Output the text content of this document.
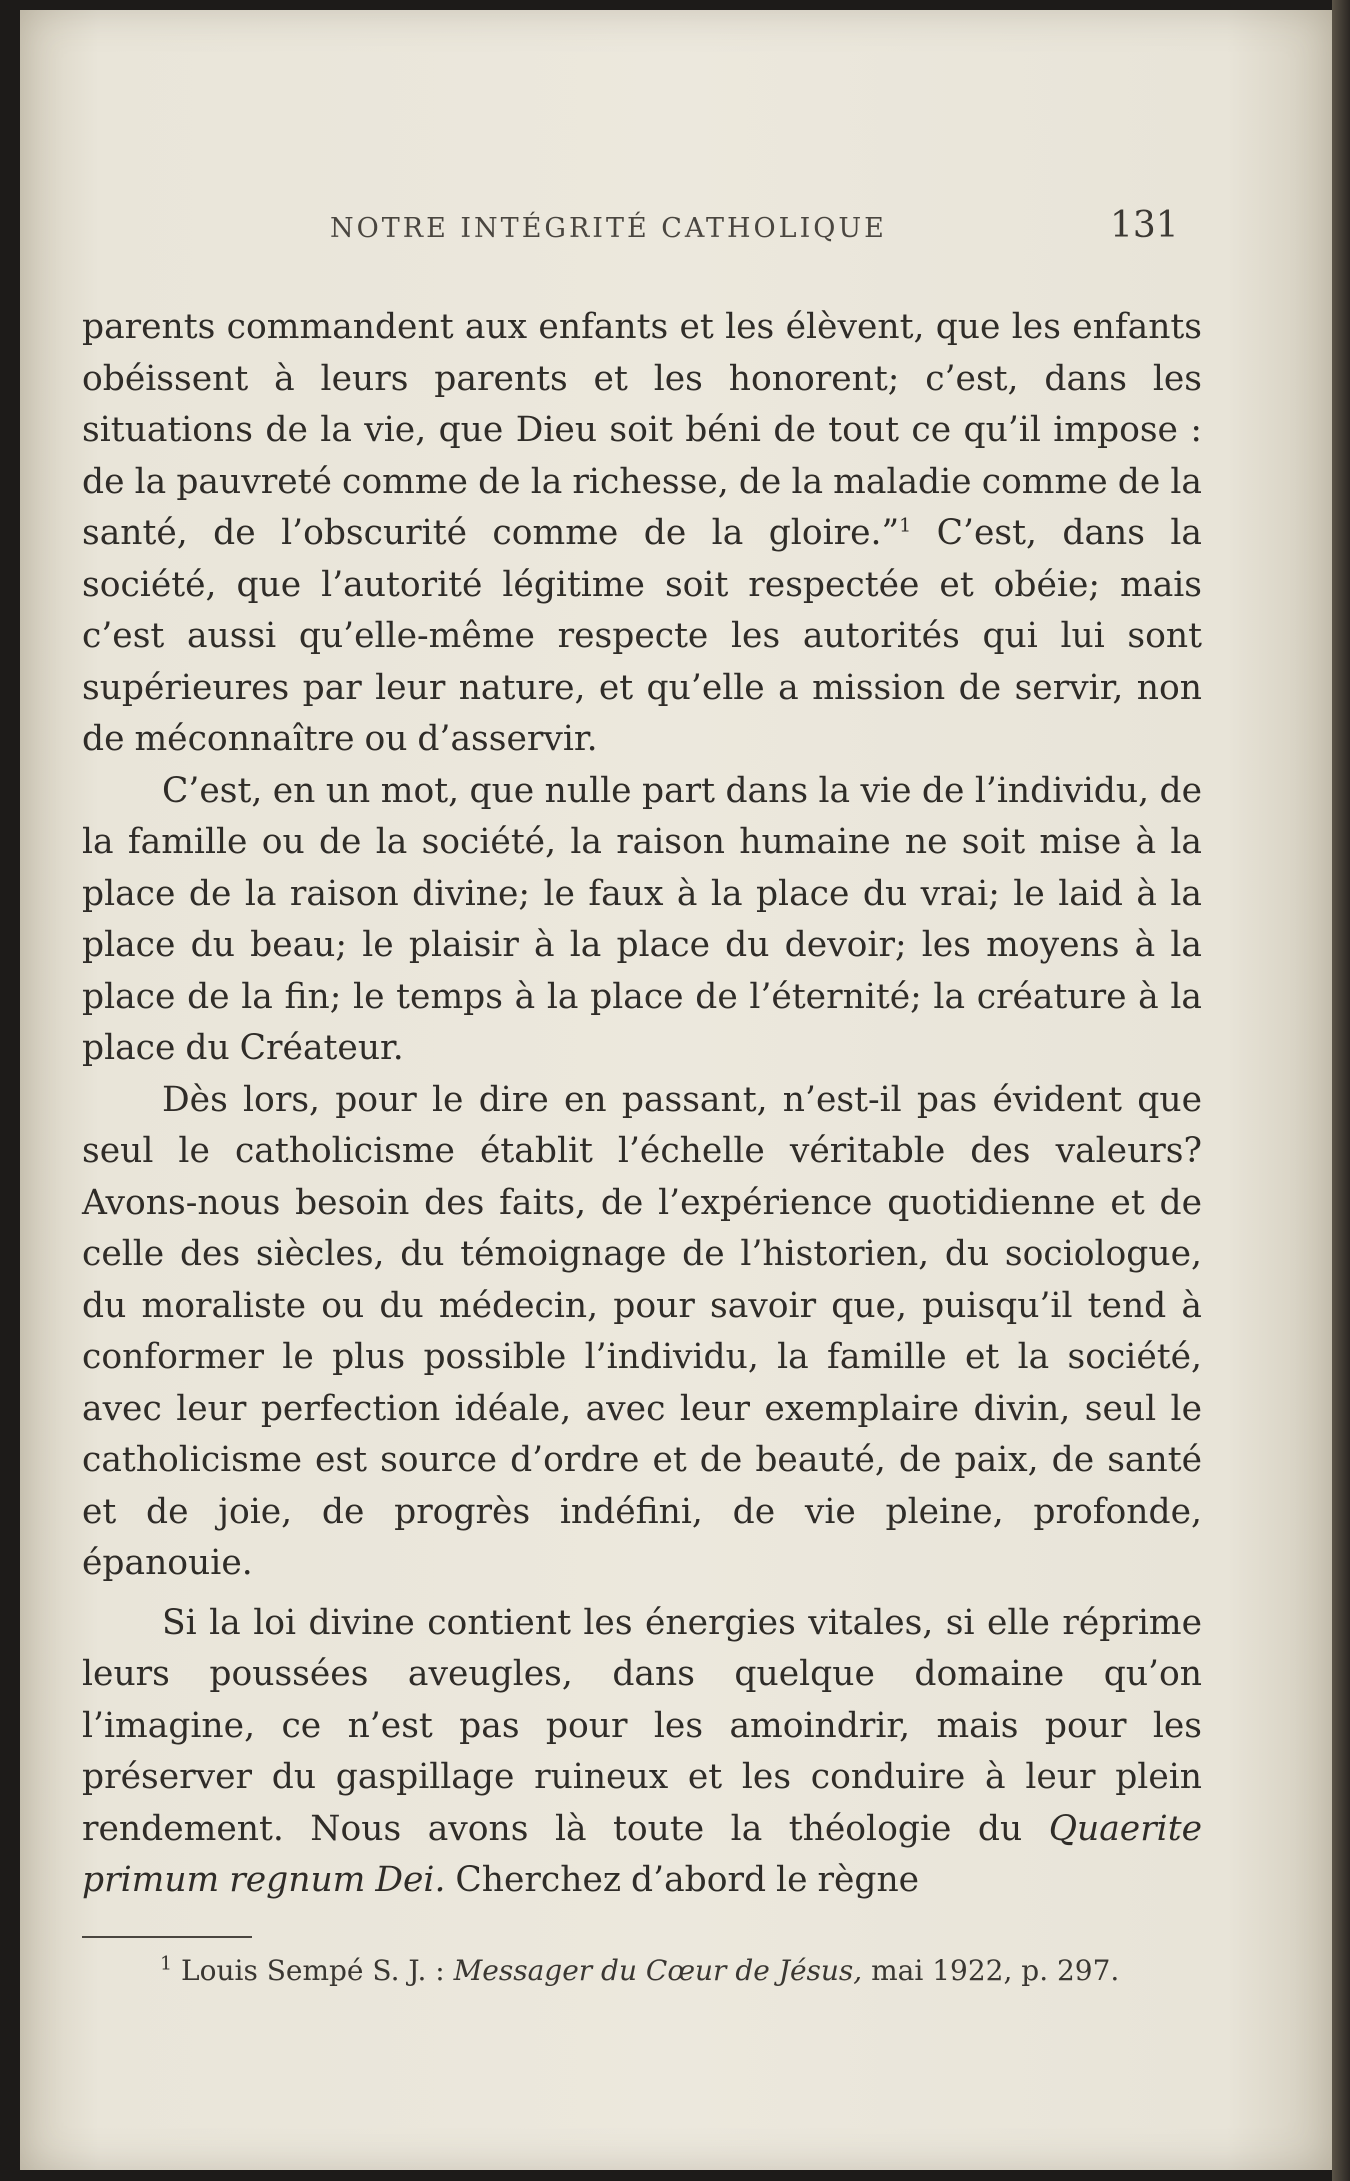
NOTRE INTÉGRITÉ CATHOLIQUE	131

parents commandent aux enfants et les élèvent, que les enfants obéissent à leurs parents et les honorent; c’est, dans les situations de la vie, que Dieu soit béni de tout ce qu’il impose : de la pauvreté comme de la richesse, de la maladie comme de la santé, de l’obscurité comme de la gloire.”$^1$ C’est, dans la société, que l’autorité légitime soit respectée et obéie; mais c’est aussi qu’elle-même respecte les autorités qui lui sont supérieures par leur nature, et qu’elle a mission de servir, non de méconnaître ou d’asservir.

C’est, en un mot, que nulle part dans la vie de l’individu, de la famille ou de la société, la raison humaine ne soit mise à la place de la raison divine; le faux à la place du vrai; le laid à la place du beau; le plaisir à la place du devoir; les moyens à la place de la fin; le temps à la place de l’éternité; la créature à la place du Créateur.

Dès lors, pour le dire en passant, n’est-il pas évident que seul le catholicisme établit l’échelle véritable des valeurs? Avons-nous besoin des faits, de l’expérience quotidienne et de celle des siècles, du témoignage de l’historien, du sociologue, du moraliste ou du médecin, pour savoir que, puisqu’il tend à conformer le plus possible l’individu, la famille et la société, avec leur perfection idéale, avec leur exemplaire divin, seul le catholicisme est source d’ordre et de beauté, de paix, de santé et de joie, de progrès indéfini, de vie pleine, profonde, épanouie.

Si la loi divine contient les énergies vitales, si elle réprime leurs poussées aveugles, dans quelque domaine qu’on l’imagine, ce n’est pas pour les amoindrir, mais pour les préserver du gaspillage ruineux et les conduire à leur plein rendement. Nous avons là toute la théologie du Quaerite primum regnum Dei. Cherchez d’abord le règne

$^1$ Louis Sempé S. J. : Messager du Cœur de Jésus, mai 1922, p. 297.
